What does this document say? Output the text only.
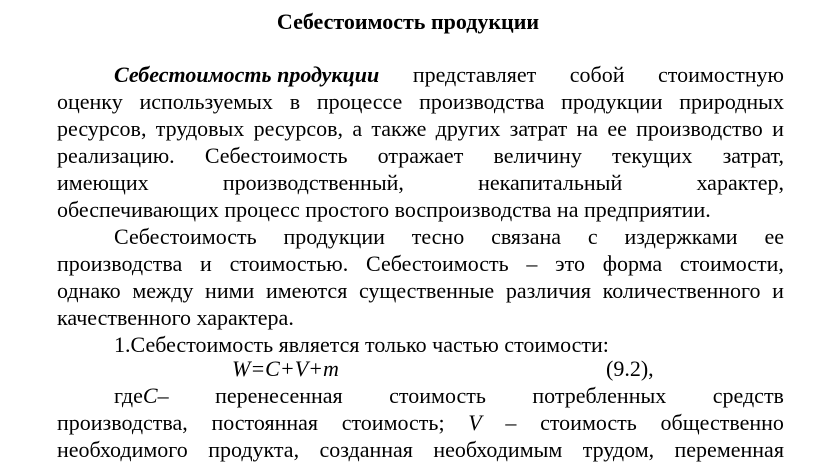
Себестоимость продукции
Себестоимость продукции представляет собой стоимостную
оценку используемых в процессе производства продукции природных
ресурсов, трудовых ресурсов, а также других затрат на ее производство и
реализацию. Себестоимость отражает величину текущих затрат,
имеющих	производственный,	некапитальный	характер,
обеспечивающих процесс простого воспроизводства на предприятии.
Себестоимость продукции тесно связана с издержками ее
производства и стоимостью. Себестоимость – это форма стоимости,
однако между ними имеются существенные различия количественного и
качественного характера.
1.Себестоимость является только частью стоимости:
W=C+V+m	(9.2),
гдеC– перенесенная стоимость потребленных средств
производства, постоянная стоимость; V – стоимость общественно
необходимого продукта, созданная необходимым трудом, переменная
